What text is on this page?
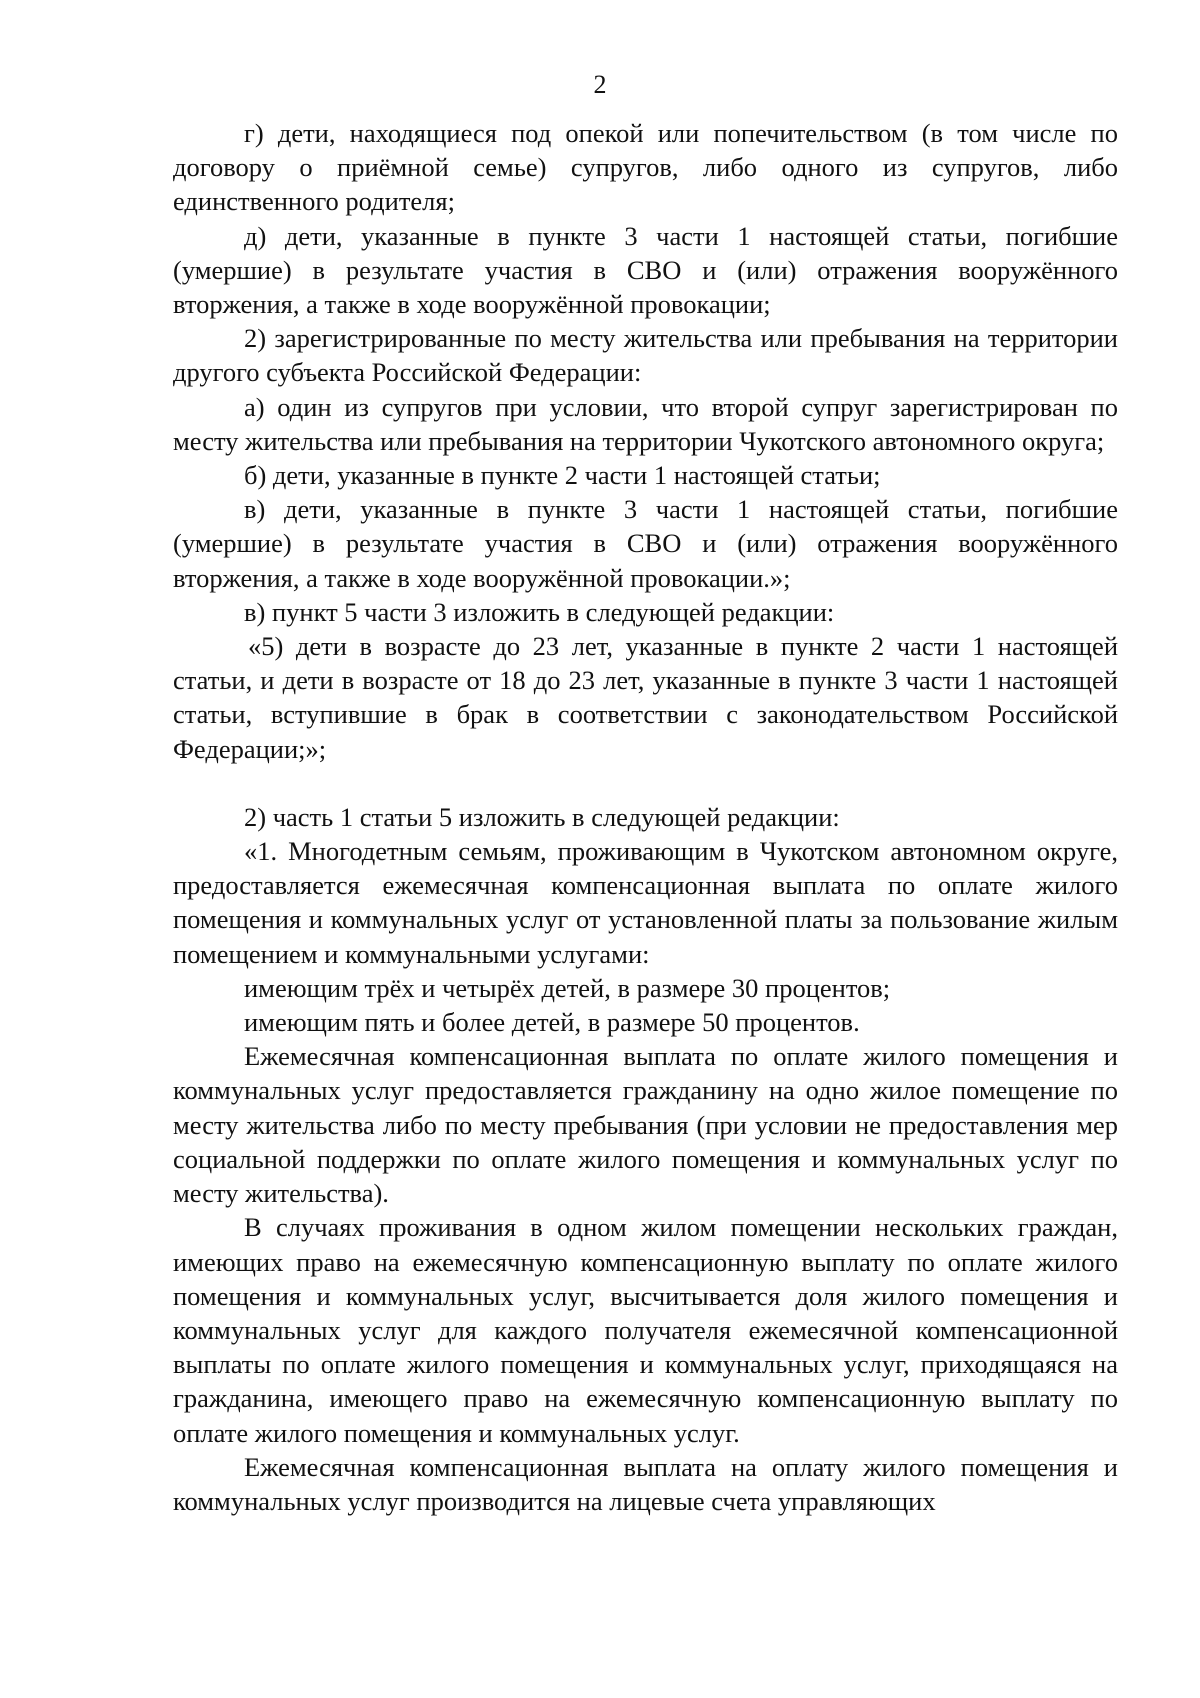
2

г) дети, находящиеся под опекой или попечительством (в том числе по договору о приёмной семье) супругов, либо одного из супругов, либо единственного родителя;

д) дети, указанные в пункте 3 части 1 настоящей статьи, погибшие (умершие) в результате участия в СВО и (или) отражения вооружённого вторжения, а также в ходе вооружённой провокации;

2) зарегистрированные по месту жительства или пребывания на территории другого субъекта Российской Федерации:

а) один из супругов при условии, что второй супруг зарегистрирован по месту жительства или пребывания на территории Чукотского автономного округа;

б) дети, указанные в пункте 2 части 1 настоящей статьи;

в) дети, указанные в пункте 3 части 1 настоящей статьи, погибшие (умершие) в результате участия в СВО и (или) отражения вооружённого вторжения, а также в ходе вооружённой провокации.»;

в) пункт 5 части 3 изложить в следующей редакции:

«5) дети в возрасте до 23 лет, указанные в пункте 2 части 1 настоящей статьи, и дети в возрасте от 18 до 23 лет, указанные в пункте 3 части 1 настоящей статьи, вступившие в брак в соответствии с законодательством Российской Федерации;»;

2) часть 1 статьи 5 изложить в следующей редакции:

«1. Многодетным семьям, проживающим в Чукотском автономном округе, предоставляется ежемесячная компенсационная выплата по оплате жилого помещения и коммунальных услуг от установленной платы за пользование жилым помещением и коммунальными услугами:

имеющим трёх и четырёх детей, в размере 30 процентов;

имеющим пять и более детей, в размере 50 процентов.

Ежемесячная компенсационная выплата по оплате жилого помещения и коммунальных услуг предоставляется гражданину на одно жилое помещение по месту жительства либо по месту пребывания (при условии не предоставления мер социальной поддержки по оплате жилого помещения и коммунальных услуг по месту жительства).

В случаях проживания в одном жилом помещении нескольких граждан, имеющих право на ежемесячную компенсационную выплату по оплате жилого помещения и коммунальных услуг, высчитывается доля жилого помещения и коммунальных услуг для каждого получателя ежемесячной компенсационной выплаты по оплате жилого помещения и коммунальных услуг, приходящаяся на гражданина, имеющего право на ежемесячную компенсационную выплату по оплате жилого помещения и коммунальных услуг.

Ежемесячная компенсационная выплата на оплату жилого помещения и коммунальных услуг производится на лицевые счета управляющих
